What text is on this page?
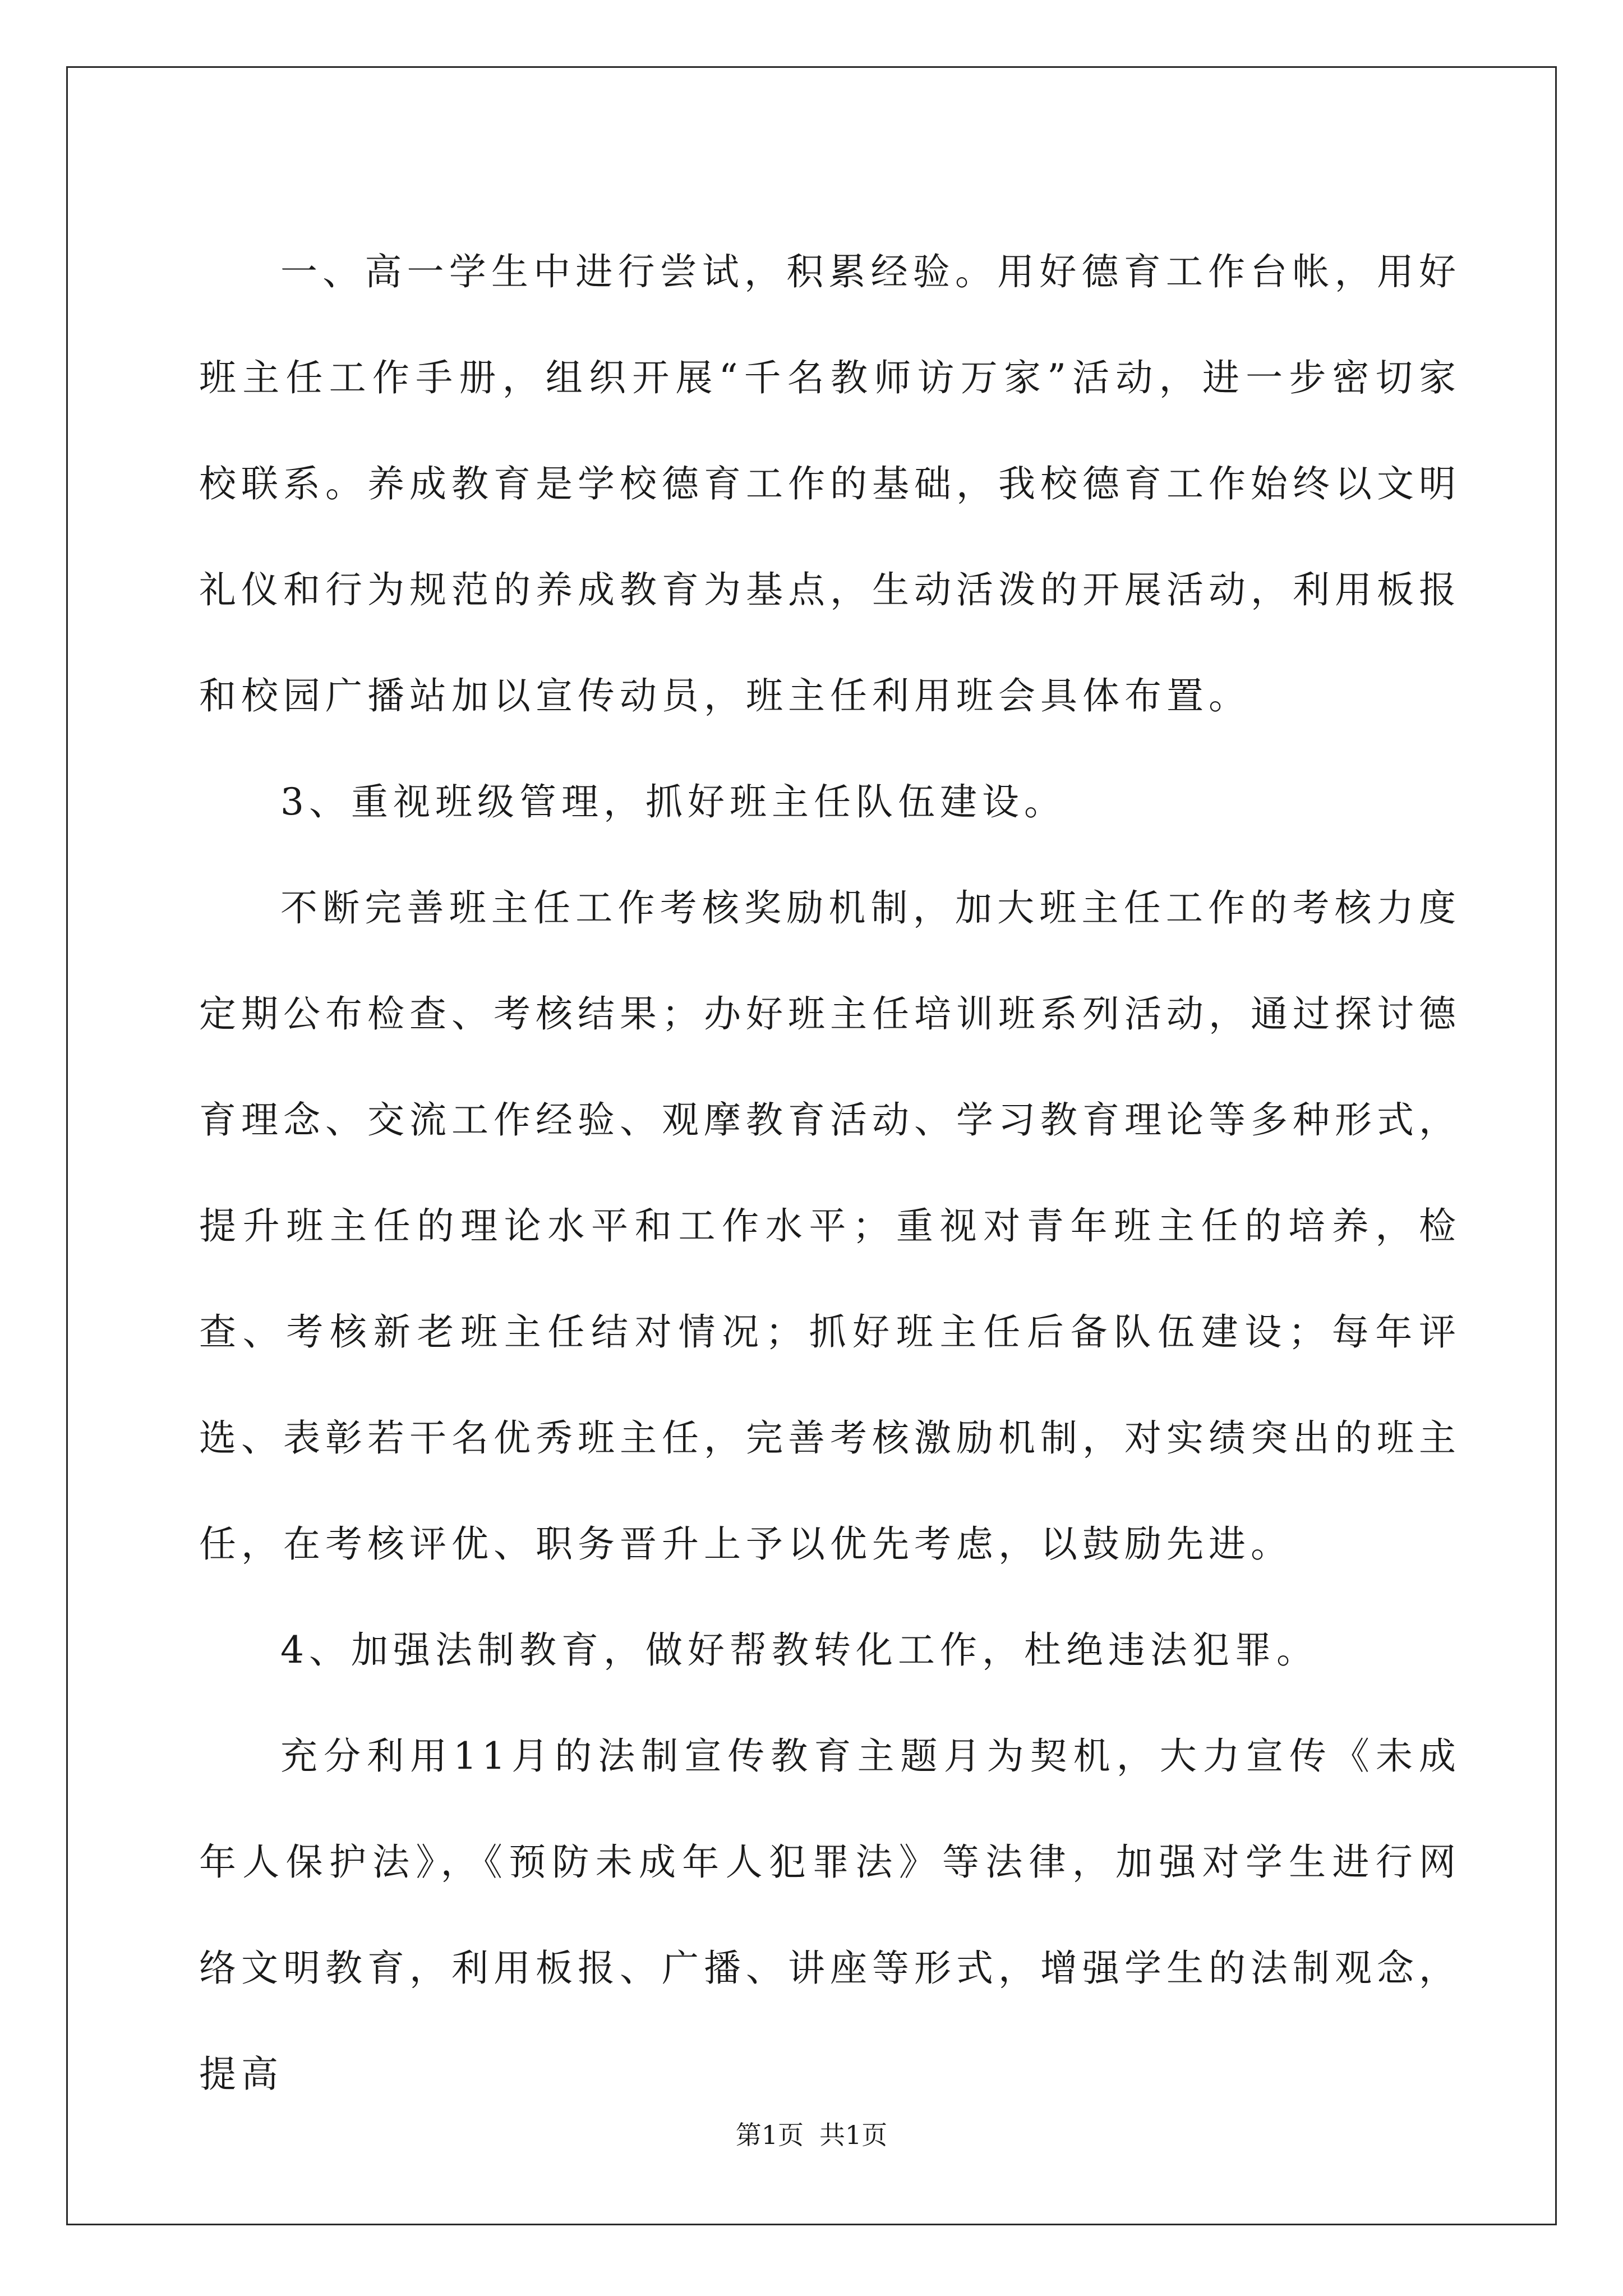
一、高一学生中进行尝试，积累经验。用好德育工作台帐，用好班主任工作手册，组织开展“千名教师访万家”活动，进一步密切家校联系。养成教育是学校德育工作的基础，我校德育工作始终以文明礼仪和行为规范的养成教育为基点，生动活泼的开展活动，利用板报和校园广播站加以宣传动员，班主任利用班会具体布置。

3、重视班级管理，抓好班主任队伍建设。

不断完善班主任工作考核奖励机制，加大班主任工作的考核力度定期公布检查、考核结果；办好班主任培训班系列活动，通过探讨德育理念、交流工作经验、观摩教育活动、学习教育理论等多种形式，提升班主任的理论水平和工作水平；重视对青年班主任的培养，检查、考核新老班主任结对情况；抓好班主任后备队伍建设；每年评选、表彰若干名优秀班主任，完善考核激励机制，对实绩突出的班主任，在考核评优、职务晋升上予以优先考虑，以鼓励先进。

4、加强法制教育，做好帮教转化工作，杜绝违法犯罪。

充分利用11月的法制宣传教育主题月为契机，大力宣传《未成年人保护法》，《预防未成年人犯罪法》等法律，加强对学生进行网络文明教育，利用板报、广播、讲座等形式，增强学生的法制观念，提高

第1页 共1页
